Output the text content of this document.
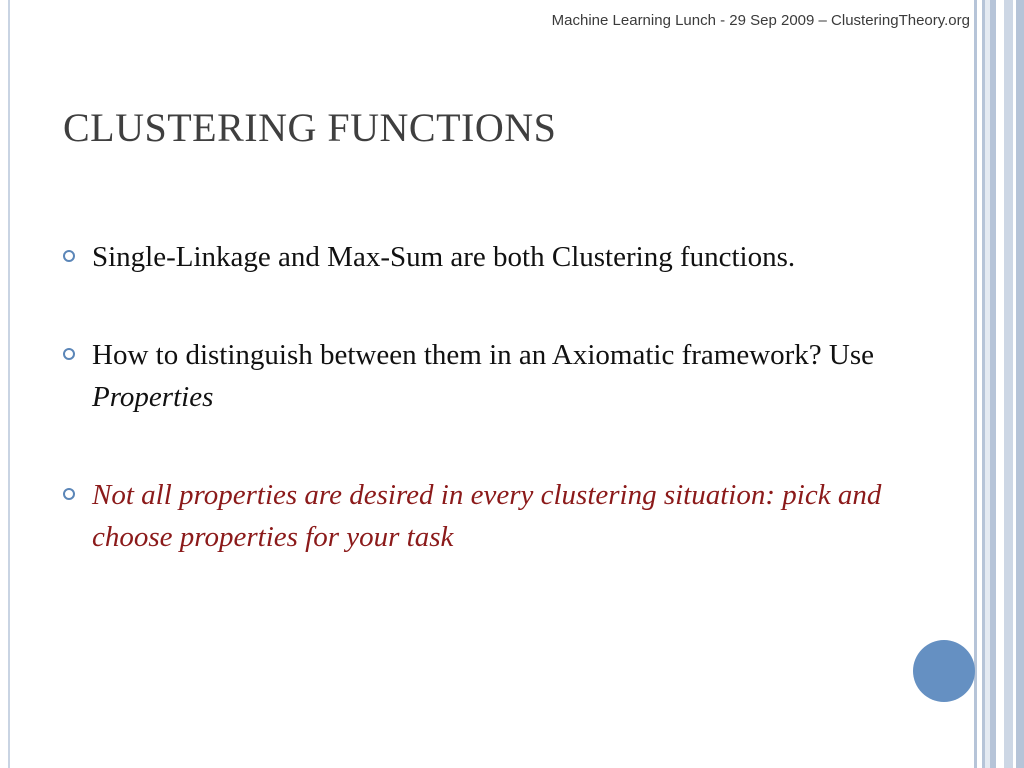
Machine Learning Lunch - 29 Sep 2009 – ClusteringTheory.org
CLUSTERING FUNCTIONS
Single-Linkage and Max-Sum are both Clustering functions.
How to distinguish between them in an Axiomatic framework? Use Properties
Not all properties are desired in every clustering situation: pick and choose properties for your task
